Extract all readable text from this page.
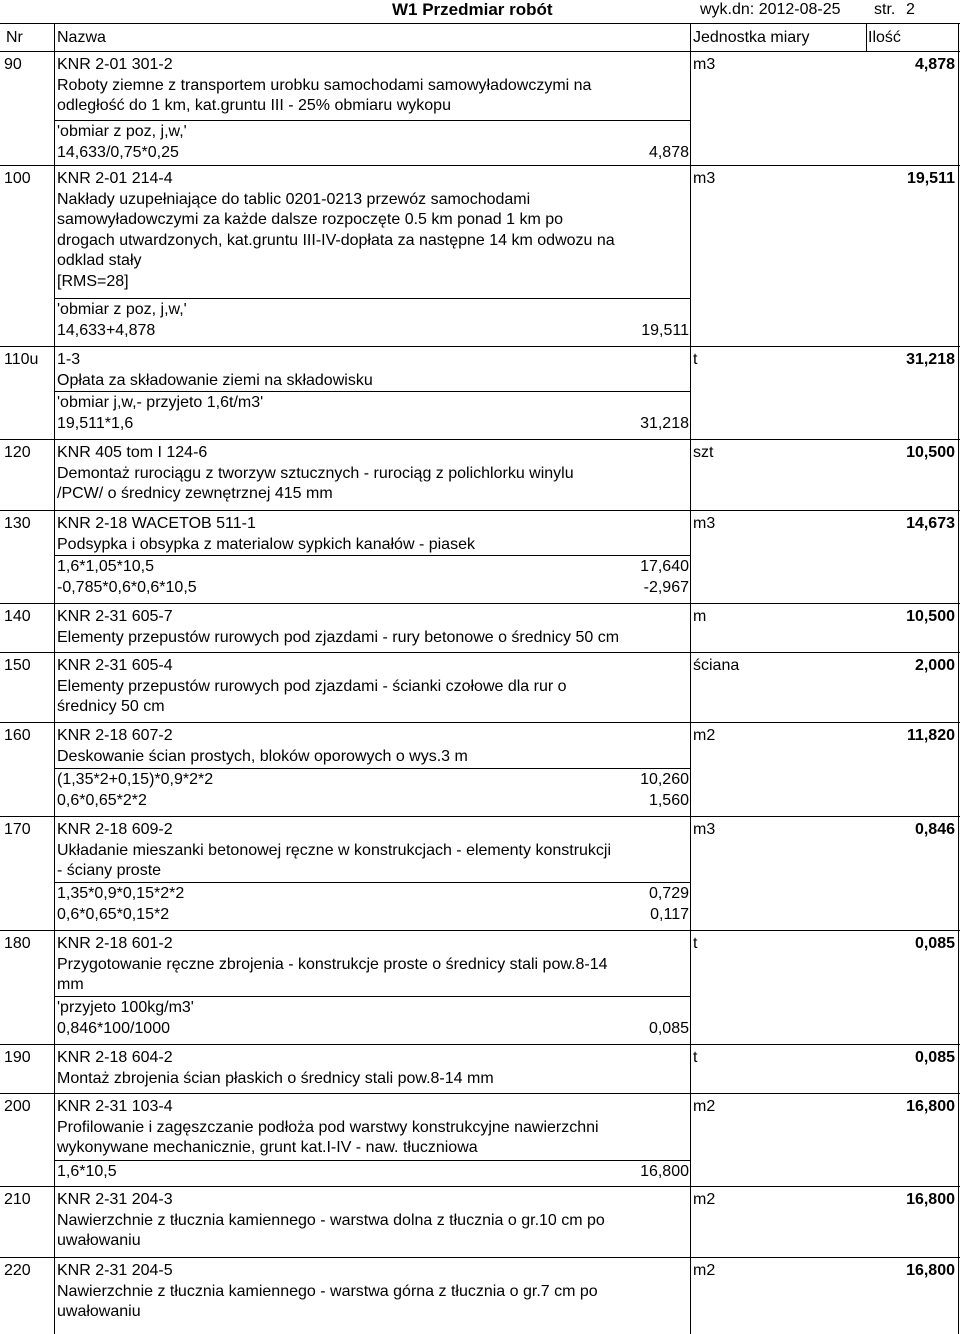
W1 Przedmiar robót	wyk.dn: 2012-08-25 str. 2
Nr Nazwa	Jednostka miary	Ilość
90 KNR 2-01 301-2	m3	4,878
Roboty ziemne z transportem urobku samochodami samowyładowczymi na
odległość do 1 km, kat.gruntu III - 25% obmiaru wykopu
'obmiar z poz, j,w,'
14,633/0,75*0,25	4,878
100 KNR 2-01 214-4	m3	19,511
Nakłady uzupełniające do tablic 0201-0213 przewóz samochodami
samowyładowczymi za każde dalsze rozpoczęte 0.5 km ponad 1 km po
drogach utwardzonych, kat.gruntu III-IV-dopłata za następne 14 km odwozu na
odklad stały
[RMS=28]
'obmiar z poz, j,w,'
14,633+4,878	19,511
110u 1-3	t	31,218
Opłata za składowanie ziemi na składowisku
'obmiar j,w,- przyjeto 1,6t/m3'
19,511*1,6	31,218
120 KNR 405 tom I 124-6	szt	10,500
Demontaż rurociągu z tworzyw sztucznych - rurociąg z polichlorku winylu
/PCW/ o średnicy zewnętrznej 415 mm
130 KNR 2-18 WACETOB 511-1	m3	14,673
Podsypka i obsypka z materialow sypkich kanałów - piasek
1,6*1,05*10,5	17,640
-0,785*0,6*0,6*10,5	-2,967
140 KNR 2-31 605-7	m	10,500
Elementy przepustów rurowych pod zjazdami - rury betonowe o średnicy 50 cm
150 KNR 2-31 605-4	ściana	2,000
Elementy przepustów rurowych pod zjazdami - ścianki czołowe dla rur o
średnicy 50 cm
160 KNR 2-18 607-2	m2	11,820
Deskowanie ścian prostych, bloków oporowych o wys.3 m
(1,35*2+0,15)*0,9*2*2	10,260
0,6*0,65*2*2	1,560
170 KNR 2-18 609-2	m3	0,846
Układanie mieszanki betonowej ręczne w konstrukcjach - elementy konstrukcji
- ściany proste
1,35*0,9*0,15*2*2	0,729
0,6*0,65*0,15*2	0,117
180 KNR 2-18 601-2	t	0,085
Przygotowanie ręczne zbrojenia - konstrukcje proste o średnicy stali pow.8-14
mm
'przyjeto 100kg/m3'
0,846*100/1000	0,085
190 KNR 2-18 604-2	t	0,085
Montaż zbrojenia ścian płaskich o średnicy stali pow.8-14 mm
200 KNR 2-31 103-4	m2	16,800
Profilowanie i zagęszczanie podłoża pod warstwy konstrukcyjne nawierzchni
wykonywane mechanicznie, grunt kat.I-IV - naw. tłuczniowa
1,6*10,5	16,800
210 KNR 2-31 204-3	m2	16,800
Nawierzchnie z tłucznia kamiennego - warstwa dolna z tłucznia o gr.10 cm po
uwałowaniu
220 KNR 2-31 204-5	m2	16,800
Nawierzchnie z tłucznia kamiennego - warstwa górna z tłucznia o gr.7 cm po
uwałowaniu
